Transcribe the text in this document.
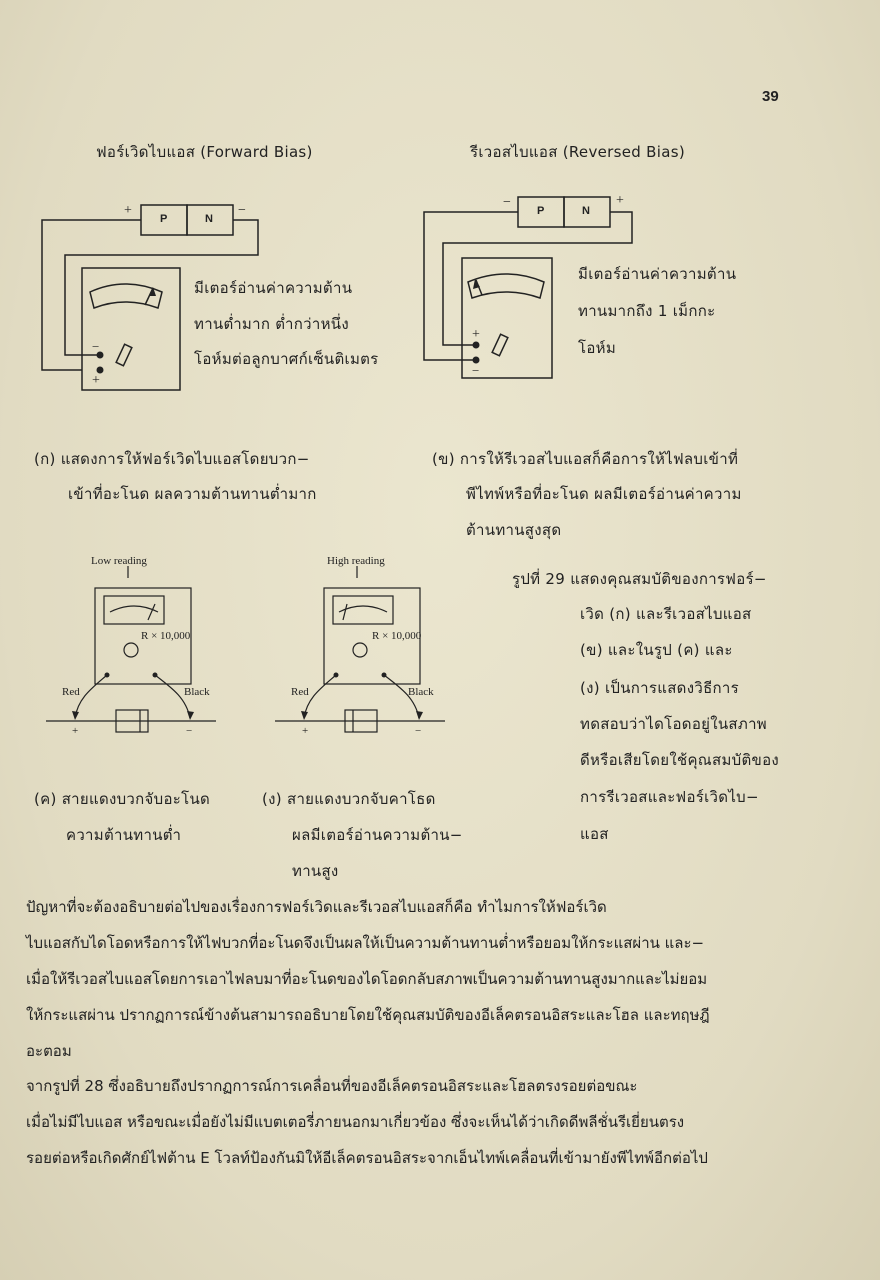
39
ฟอร์เวิดไบแอส (Forward Bias)	รีเวอสไบแอส (Reversed Bias)
+
P	N
−
−
+
มีเตอร์อ่านค่าความต้าน
ทานต่ำมาก ต่ำกว่าหนึ่ง
โอห์มต่อลูกบาศก์เซ็นติเมตร
−
P	N
+
+
−
มีเตอร์อ่านค่าความต้าน
ทานมากถึง 1 เม็กกะ
โอห์ม
(ก) แสดงการให้ฟอร์เวิดไบแอสโดยบวก−
เข้าที่อะโนด ผลความต้านทานต่ำมาก
(ข) การให้รีเวอสไบแอสก็คือการให้ไฟลบเข้าที่
พีไทพ์หรือที่อะโนด ผลมีเตอร์อ่านค่าความ
ต้านทานสูงสุด
Low reading
R × 10,000
Red	Black
+	−
High reading
R × 10,000
Red	Black
+	−
(ค) สายแดงบวกจับอะโนด
ความต้านทานต่ำ
(ง) สายแดงบวกจับคาโธด
ผลมีเตอร์อ่านความต้าน−
ทานสูง
รูปที่ 29 แสดงคุณสมบัติของการฟอร์−
เวิด (ก) และรีเวอสไบแอส
(ข) และในรูป (ค) และ
(ง) เป็นการแสดงวิธีการ
ทดสอบว่าไดโอดอยู่ในสภาพ
ดีหรือเสียโดยใช้คุณสมบัติของ
การรีเวอสและฟอร์เวิดไบ−
แอส
ปัญหาที่จะต้องอธิบายต่อไปของเรื่องการฟอร์เวิดและรีเวอสไบแอสก็คือ ทำไมการให้ฟอร์เวิด
ไบแอสกับไดโอดหรือการให้ไฟบวกที่อะโนดจึงเป็นผลให้เป็นความต้านทานต่ำหรือยอมให้กระแสผ่าน และ−
เมื่อให้รีเวอสไบแอสโดยการเอาไฟลบมาที่อะโนดของไดโอดกลับสภาพเป็นความต้านทานสูงมากและไม่ยอม
ให้กระแสผ่าน ปรากฏการณ์ข้างต้นสามารถอธิบายโดยใช้คุณสมบัติของอีเล็คตรอนอิสระและโฮล และทฤษฎี
อะตอม
จากรูปที่ 28 ซึ่งอธิบายถึงปรากฏการณ์การเคลื่อนที่ของอีเล็คตรอนอิสระและโฮลตรงรอยต่อขณะ
เมื่อไม่มีไบแอส หรือขณะเมื่อยังไม่มีแบตเตอรี่ภายนอกมาเกี่ยวข้อง ซึ่งจะเห็นได้ว่าเกิดดีพลีชั่นรีเยี่ยนตรง
รอยต่อหรือเกิดศักย์ไฟต้าน E โวลท์ป้องกันมิให้อีเล็คตรอนอิสระจากเอ็นไทพ์เคลื่อนที่เข้ามายังพีไทพ์อีกต่อไป
